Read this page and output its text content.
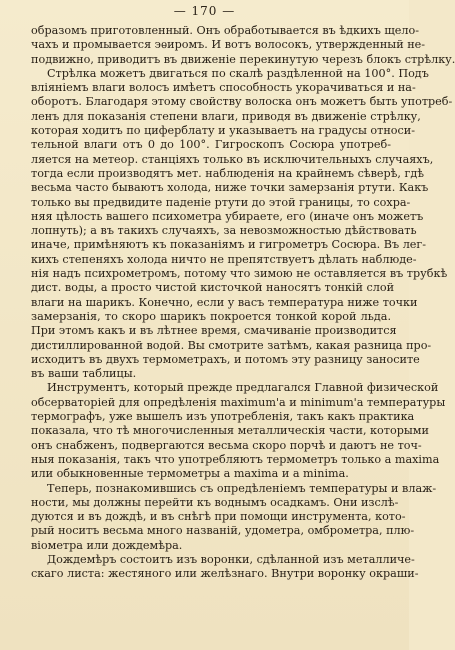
— 170 —
образомъ приготовленный. Онъ обработывается въ ѣдкихъ щело-
чахъ и промывается эѳиромъ. И вотъ волосокъ, утвержденный не-
подвижно, приводитъ въ движеніе перекинутую черезъ блокъ стрѣлку.
Стрѣлка можетъ двигаться по скалѣ раздѣленной на 100°. Подъ
вліяніемъ влаги волосъ имѣетъ способность укорачиваться и на-
оборотъ. Благодаря этому свойству волоска онъ можетъ быть употреб-
ленъ для показанія степени влаги, приводя въ движеніе стрѣлку,
которая ходитъ по циферблату и указываетъ на градусы относи-
тельной влаги отъ 0 до 100°. Гигроскопъ Сосюра употреб-
ляется на метеор. станціяхъ только въ исключительныхъ случаяхъ,
тогда если производятъ мет. наблюденія на крайнемъ сѣверѣ, гдѣ
весьма часто бываютъ холода, ниже точки замерзанія ртути. Какъ
только вы предвидите паденіе ртути до этой границы, то сохра-
няя цѣлость вашего психометра убираете, его (иначе онъ можетъ
лопнуть); а въ такихъ случаяхъ, за невозможностью дѣйствовать
иначе, примѣняютъ къ показаніямъ и гигрометръ Сосюра. Въ лег-
кихъ степеняхъ холода ничто не препятствуетъ дѣлать наблюде-
нія надъ психрометромъ, потому что зимою не оставляется въ трубкѣ
дист. воды, а просто чистой кисточкой наносятъ тонкій слой
влаги на шарикъ. Конечно, если у васъ температура ниже точки
замерзанія, то скоро шарикъ покроется тонкой корой льда.
При этомъ какъ и въ лѣтнее время, смачиваніе производится
дистиллированной водой. Вы смотрите затѣмъ, какая разница про-
исходитъ въ двухъ термометрахъ, и потомъ эту разницу заносите
въ ваши таблицы.
Инструментъ, который прежде предлагался Главной физической
обсерваторіей для опредѣленія maximum'а и minimum'а температуры
термографъ, уже вышелъ изъ употребленія, такъ какъ практика
показала, что тѣ многочисленныя металлическія части, которыми
онъ снабженъ, подвергаются весьма скоро порчѣ и даютъ не точ-
ныя показанія, такъ что употребляютъ термометръ только а maxima
или обыкновенные термометры а maxima и а minima.
Теперь, познакомившись съ опредѣленіемъ температуры и влаж-
ности, мы должны перейти къ воднымъ осадкамъ. Они изслѣ-
дуются и въ дождѣ, и въ снѣгѣ при помощи инструмента, кото-
рый носитъ весьма много названій, удометра, омброметра, плю-
віометра или дождемѣра.
Дождемѣръ состоитъ изъ воронки, сдѣланной изъ металличе-
скаго листа: жестяного или желѣзнаго. Внутри воронку окраши-
